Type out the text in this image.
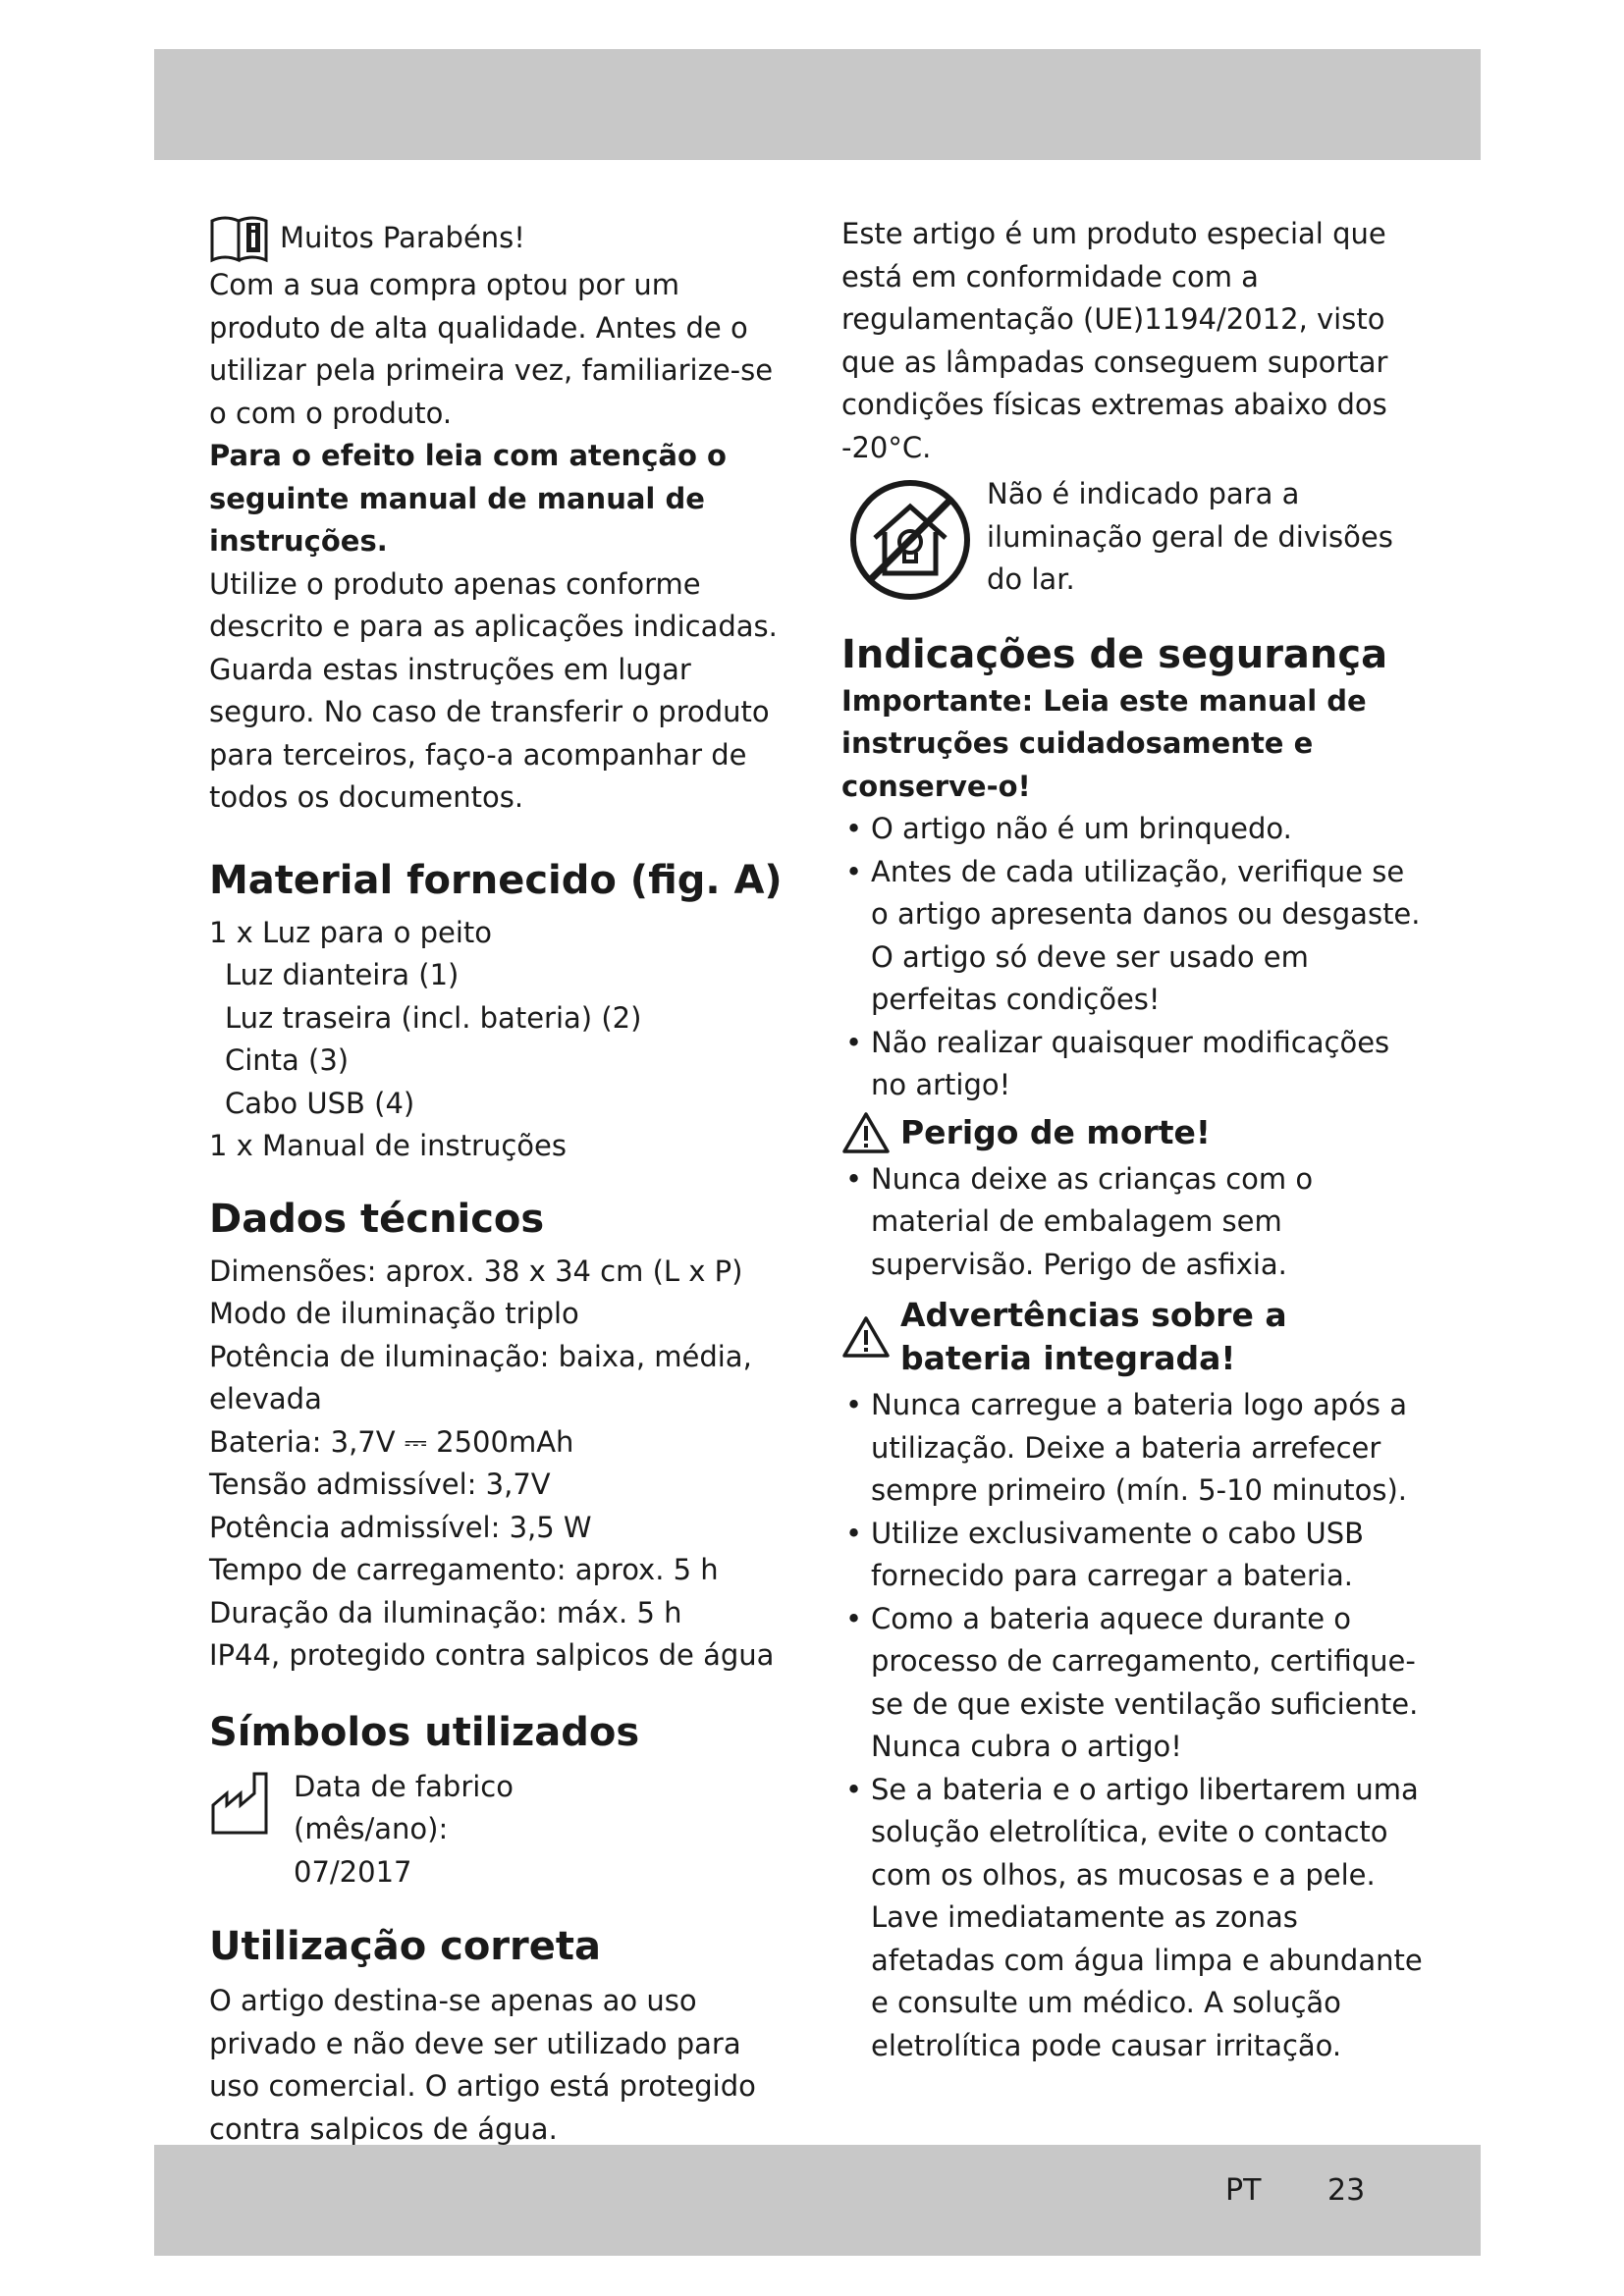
Muitos Parabéns!

Com a sua compra optou por um produto de alta qualidade. Antes de o utilizar pela primeira vez, familiarize-se o com o produto.

Para o efeito leia com atenção o seguinte manual de manual de instruções.

Utilize o produto apenas conforme descrito e para as aplicações indicadas. Guarda estas instruções em lugar seguro. No caso de transferir o produto para terceiros, faço-a acompanhar de todos os documentos.

Material fornecido (fig. A)

1 x Luz para o peito

Luz dianteira (1)

Luz traseira (incl. bateria) (2)

Cinta (3)

Cabo USB (4)

1 x Manual de instruções

Dados técnicos

Dimensões: aprox. 38 x 34 cm (L x P)

Modo de iluminação triplo

Potência de iluminação: baixa, média, elevada

Bateria: 3,7V ⎓ 2500mAh

Tensão admissível: 3,7V

Potência admissível: 3,5 W

Tempo de carregamento: aprox. 5 h

Duração da iluminação: máx. 5 h

IP44, protegido contra salpicos de água

Símbolos utilizados

Data de fabrico (mês/ano): 07/2017

Utilização correta

O artigo destina-se apenas ao uso privado e não deve ser utilizado para uso comercial. O artigo está protegido contra salpicos de água.

Este artigo é um produto especial que está em conformidade com a regulamentação (UE)1194/2012, visto que as lâmpadas conseguem suportar condições físicas extremas abaixo dos -20°C.

Não é indicado para a iluminação geral de divisões do lar.

Indicações de segurança

Importante: Leia este manual de instruções cuidadosamente e conserve-o!

• O artigo não é um brinquedo.
• Antes de cada utilização, verifique se o artigo apresenta danos ou desgaste. O artigo só deve ser usado em perfeitas condições!
• Não realizar quaisquer modificações no artigo!
Perigo de morte!
• Nunca deixe as crianças com o material de embalagem sem supervisão. Perigo de asfixia.
Advertências sobre a bateria integrada!
• Nunca carregue a bateria logo após a utilização. Deixe a bateria arrefecer sempre primeiro (mín. 5-10 minutos).
• Utilize exclusivamente o cabo USB fornecido para carregar a bateria.
• Como a bateria aquece durante o processo de carregamento, certifique-se de que existe ventilação suficiente. Nunca cubra o artigo!
• Se a bateria e o artigo libertarem uma solução eletrolítica, evite o contacto com os olhos, as mucosas e a pele. Lave imediatamente as zonas afetadas com água limpa e abundante e consulte um médico. A solução eletrolítica pode causar irritação.
PT 23
